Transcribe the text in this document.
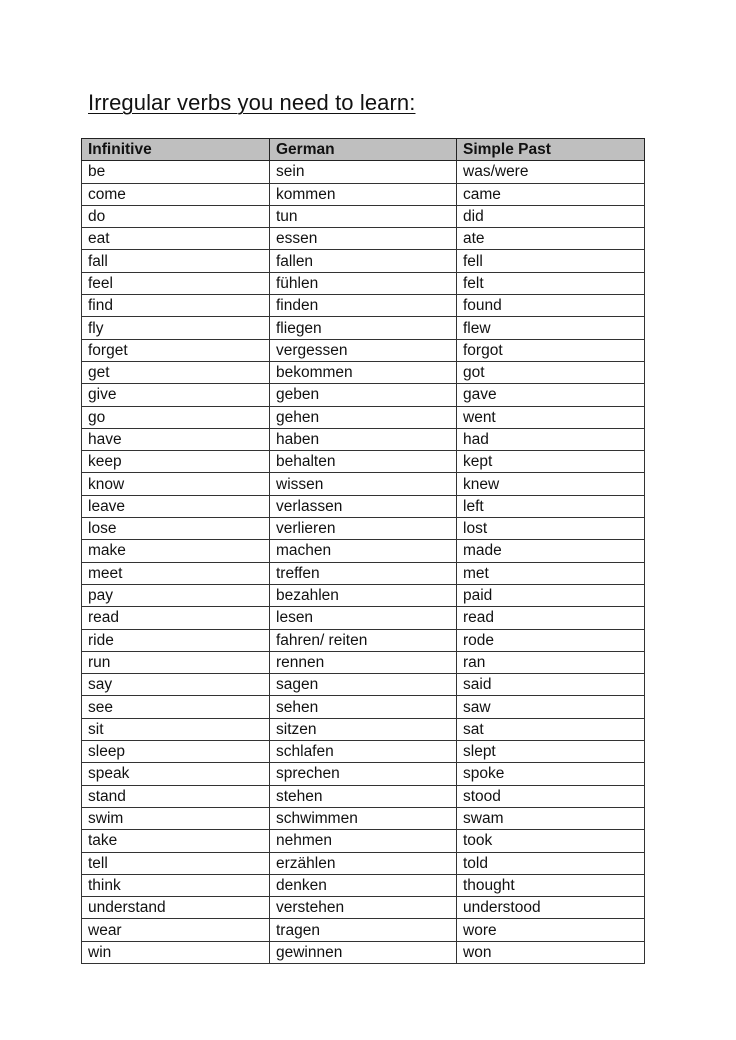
Irregular verbs you need to learn:
Infinitive	German	Simple Past
be	sein	was/were
come	kommen	came
do	tun	did
eat	essen	ate
fall	fallen	fell
feel	fühlen	felt
find	finden	found
fly	fliegen	flew
forget	vergessen	forgot
get	bekommen	got
give	geben	gave
go	gehen	went
have	haben	had
keep	behalten	kept
know	wissen	knew
leave	verlassen	left
lose	verlieren	lost
make	machen	made
meet	treffen	met
pay	bezahlen	paid
read	lesen	read
ride	fahren/ reiten	rode
run	rennen	ran
say	sagen	said
see	sehen	saw
sit	sitzen	sat
sleep	schlafen	slept
speak	sprechen	spoke
stand	stehen	stood
swim	schwimmen	swam
take	nehmen	took
tell	erzählen	told
think	denken	thought
understand	verstehen	understood
wear	tragen	wore
win	gewinnen	won
